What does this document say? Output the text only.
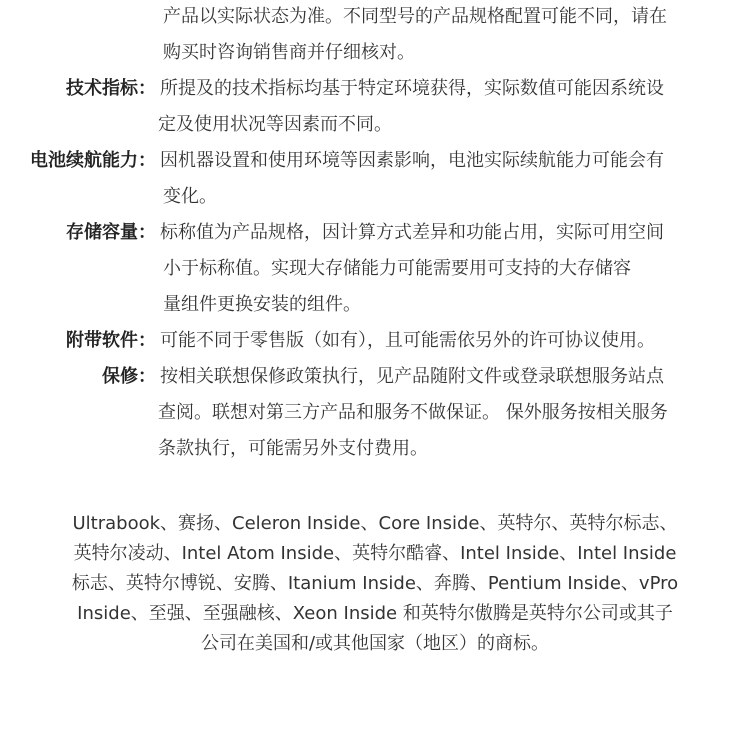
产品以实际状态为准。不同型号的产品规格配置可能不同，请在
购买时咨询销售商并仔细核对。
技术指标： 所提及的技术指标均基于特定环境获得，实际数值可能因系统设
定及使用状况等因素而不同。
电池续航能力： 因机器设置和使用环境等因素影响，电池实际续航能力可能会有
变化。
存储容量： 标称值为产品规格，因计算方式差异和功能占用，实际可用空间
小于标称值。实现大存储能力可能需要用可支持的大存储容
量组件更换安装的组件。
附带软件： 可能不同于零售版（如有），且可能需依另外的许可协议使用。
保修： 按相关联想保修政策执行，见产品随附文件或登录联想服务站点
查阅。联想对第三方产品和服务不做保证。 保外服务按相关服务
条款执行，可能需另外支付费用。
Ultrabook、赛扬、Celeron Inside、Core Inside、英特尔、英特尔标志、
英特尔凌动、Intel Atom Inside、英特尔酷睿、Intel Inside、Intel Inside
标志、英特尔博锐、安腾、Itanium Inside、奔腾、Pentium Inside、vPro
Inside、至强、至强融核、Xeon Inside 和英特尔傲腾是英特尔公司或其子
公司在美国和/或其他国家（地区）的商标。
